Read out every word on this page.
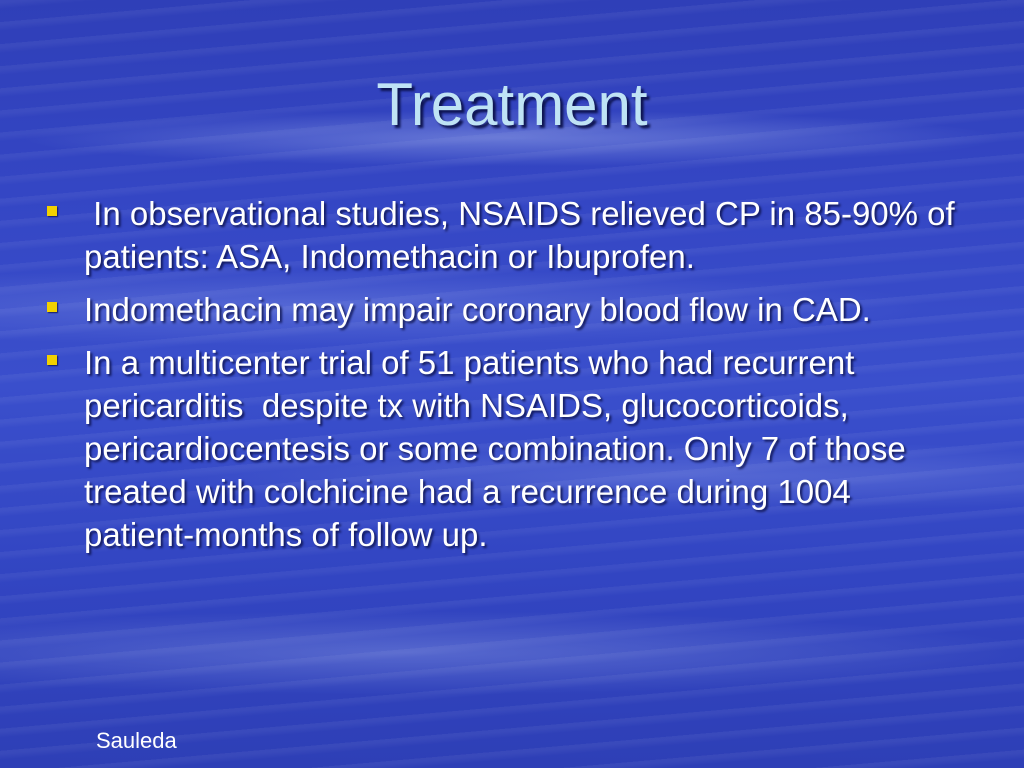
Treatment
In observational studies, NSAIDS relieved CP in 85-90% of patients: ASA, Indomethacin or Ibuprofen.
Indomethacin may impair coronary blood flow in CAD.
In a multicenter trial of 51 patients who had recurrent pericarditis  despite tx with NSAIDS, glucocorticoids, pericardiocentesis or some combination. Only 7 of those treated with colchicine had a recurrence during 1004 patient-months of follow up.
Sauleda
